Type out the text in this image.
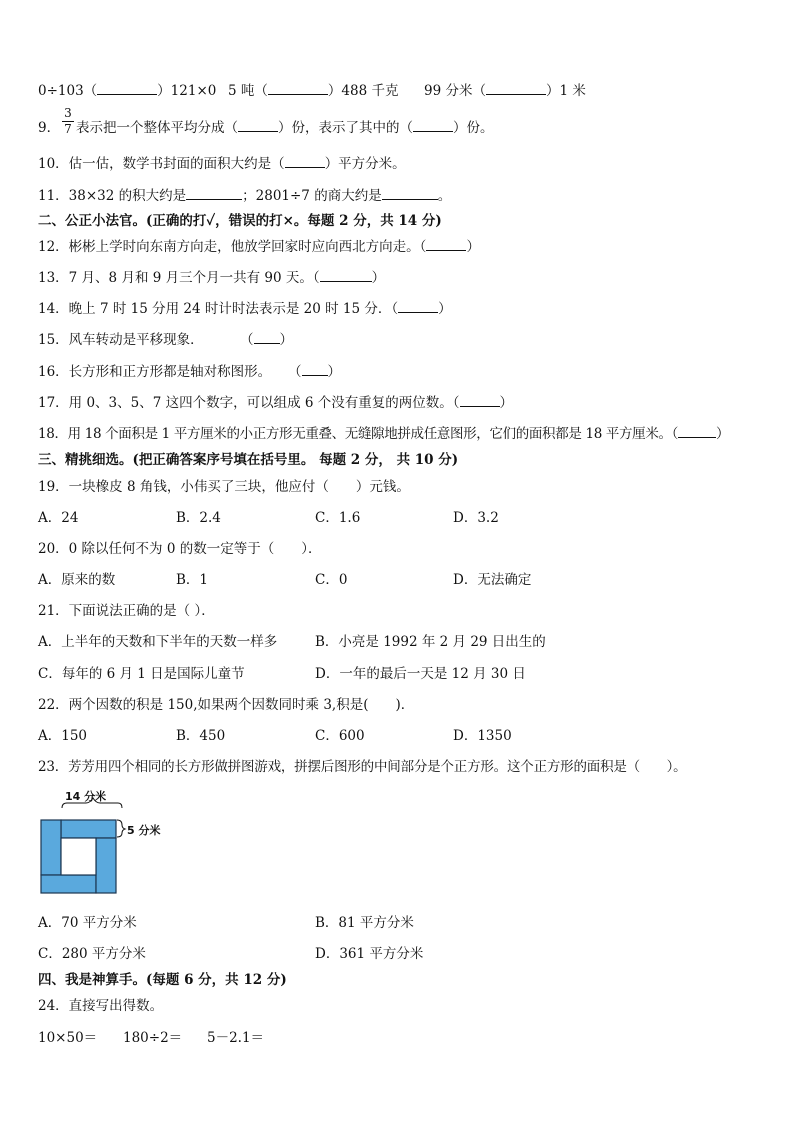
0÷103（	）121×0 5 吨（	）488 千克 99 分米（	）1 米
9．
3
7 表示把一个整体平均分成（	）份，表示了其中的（	）份。
10．估一估，数学书封面的面积大约是（	）平方分米。
11．38×32 的积大约是	；2801÷7 的商大约是	。
二、公正小法官。(正确的打✓，错误的打×。每题 2 分，共 14 分)
12．彬彬上学时向东南方向走，他放学回家时应向西北方向走。（	）
13．7 月、8 月和 9 月三个月一共有 90 天。（	）
14．晚上 7 时 15 分用 24 时计时法表示是 20 时 15 分．（	）
15．风车转动是平移现象．	（ ）
16．长方形和正方形都是轴对称图形。 （ ）
17．用 0、3、5、7 这四个数字，可以组成 6 个没有重复的两位数。（	）
18．用 18 个面积是 1 平方厘米的小正方形无重叠、无缝隙地拼成任意图形，它们的面积都是 18 平方厘米。（	）
三、精挑细选。(把正确答案序号填在括号里。 每题 2 分， 共 10 分)
19．一块橡皮 8 角钱，小伟买了三块，他应付（　　）元钱。
A．24	B．2.4	C．1.6	D．3.2
20．0 除以任何不为 0 的数一定等于（　　）．
A．原来的数	B．1	C．0	D．无法确定
21．下面说法正确的是（ ）．
A．上半年的天数和下半年的天数一样多	B．小亮是 1992 年 2 月 29 日出生的
C．每年的 6 月 1 日是国际儿童节	D．一年的最后一天是 12 月 30 日
22．两个因数的积是 150,如果两个因数同时乘 3,积是(　　)．
A．150	B．450	C．600	D．1350
23．芳芳用四个相同的长方形做拼图游戏，拼摆后图形的中间部分是个正方形。这个正方形的面积是（　　）。
14 分米
5 分米
A．70 平方分米	B．81 平方分米
C．280 平方分米	D．361 平方分米
四、我是神算手。(每题 6 分，共 12 分)
24．直接写出得数。
10×50＝ 180÷2＝ 5－2.1＝
